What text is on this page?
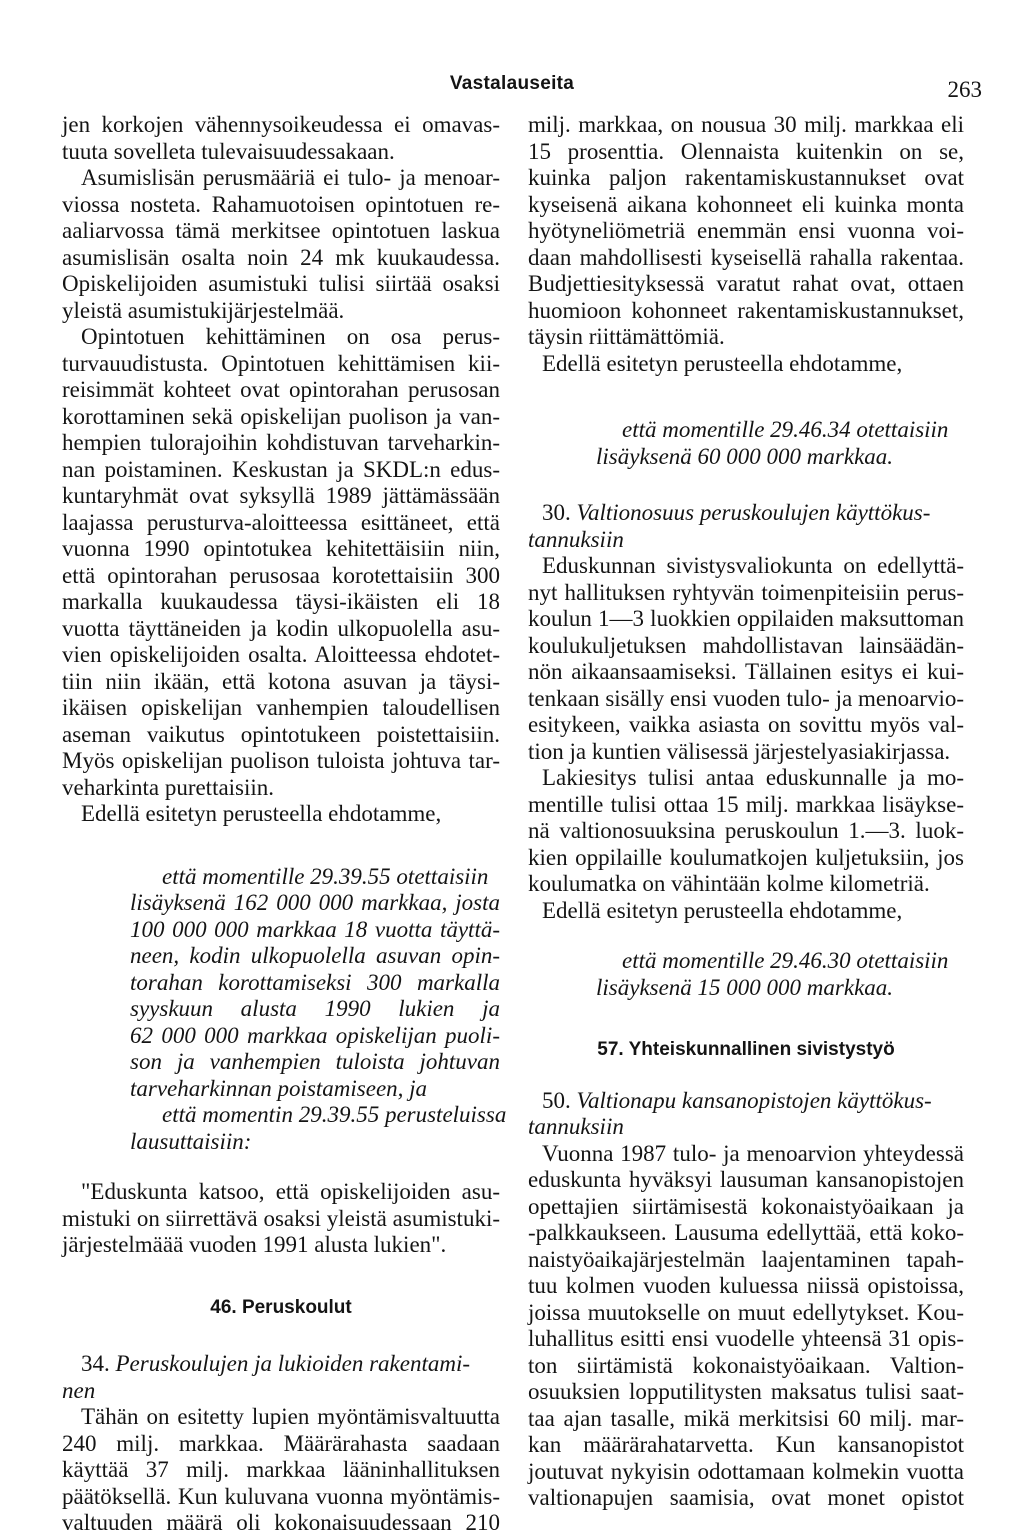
Vastalauseita	263
jen korkojen vähennysoikeudessa ei omavas-
tuuta sovelleta tulevaisuudessakaan.
Asumislisän perusmääriä ei tulo- ja menoar-
viossa nosteta. Rahamuotoisen opintotuen re-
aaliarvossa tämä merkitsee opintotuen laskua
asumislisän osalta noin 24 mk kuukaudessa.
Opiskelijoiden asumistuki tulisi siirtää osaksi
yleistä asumistukijärjestelmää.
Opintotuen kehittäminen on osa perus-
turvauudistusta. Opintotuen kehittämisen kii-
reisimmät kohteet ovat opintorahan perusosan
korottaminen sekä opiskelijan puolison ja van-
hempien tulorajoihin kohdistuvan tarveharkin-
nan poistaminen. Keskustan ja SKDL:n edus-
kuntaryhmät ovat syksyllä 1989 jättämässään
laajassa perusturva-aloitteessa esittäneet, että
vuonna 1990 opintotukea kehitettäisiin niin,
että opintorahan perusosaa korotettaisiin 300
markalla kuukaudessa täysi-ikäisten eli 18
vuotta täyttäneiden ja kodin ulkopuolella asu-
vien opiskelijoiden osalta. Aloitteessa ehdotet-
tiin niin ikään, että kotona asuvan ja täysi-
ikäisen opiskelijan vanhempien taloudellisen
aseman vaikutus opintotukeen poistettaisiin.
Myös opiskelijan puolison tuloista johtuva tar-
veharkinta purettaisiin.
Edellä esitetyn perusteella ehdotamme,
että momentille 29.39.55 otettaisiin
lisäyksenä 162 000 000 markkaa, josta
100 000 000 markkaa 18 vuotta täyttä-
neen, kodin ulkopuolella asuvan opin-
torahan korottamiseksi 300 markalla
syyskuun alusta 1990 lukien ja
62 000 000 markkaa opiskelijan puoli-
son ja vanhempien tuloista johtuvan
tarveharkinnan poistamiseen, ja
että momentin 29.39.55 perusteluissa
lausuttaisiin:
"Eduskunta katsoo, että opiskelijoiden asu-
mistuki on siirrettävä osaksi yleistä asumistuki-
järjestelmäää vuoden 1991 alusta lukien".
46. Peruskoulut
34. Peruskoulujen ja lukioiden rakentami-
nen
Tähän on esitetty lupien myöntämisvaltuutta
240 milj. markkaa. Määrärahasta saadaan
käyttää 37 milj. markkaa lääninhallituksen
päätöksellä. Kun kuluvana vuonna myöntämis-
valtuuden määrä oli kokonaisuudessaan 210
milj. markkaa, on nousua 30 milj. markkaa eli
15 prosenttia. Olennaista kuitenkin on se,
kuinka paljon rakentamiskustannukset ovat
kyseisenä aikana kohonneet eli kuinka monta
hyötyneliömetriä enemmän ensi vuonna voi-
daan mahdollisesti kyseisellä rahalla rakentaa.
Budjettiesityksessä varatut rahat ovat, ottaen
huomioon kohonneet rakentamiskustannukset,
täysin riittämättömiä.
Edellä esitetyn perusteella ehdotamme,
että momentille 29.46.34 otettaisiin
lisäyksenä 60 000 000 markkaa.
30. Valtionosuus peruskoulujen käyttökus-
tannuksiin
Eduskunnan sivistysvaliokunta on edellyttä-
nyt hallituksen ryhtyvän toimenpiteisiin perus-
koulun 1—3 luokkien oppilaiden maksuttoman
koulukuljetuksen mahdollistavan lainsäädän-
nön aikaansaamiseksi. Tällainen esitys ei kui-
tenkaan sisälly ensi vuoden tulo- ja menoarvio-
esitykeen, vaikka asiasta on sovittu myös val-
tion ja kuntien välisessä järjestelyasiakirjassa.
Lakiesitys tulisi antaa eduskunnalle ja mo-
mentille tulisi ottaa 15 milj. markkaa lisäykse-
nä valtionosuuksina peruskoulun 1.—3. luok-
kien oppilaille koulumatkojen kuljetuksiin, jos
koulumatka on vähintään kolme kilometriä.
Edellä esitetyn perusteella ehdotamme,
että momentille 29.46.30 otettaisiin
lisäyksenä 15 000 000 markkaa.
57. Yhteiskunnallinen sivistystyö
50. Valtionapu kansanopistojen käyttökus-
tannuksiin
Vuonna 1987 tulo- ja menoarvion yhteydessä
eduskunta hyväksyi lausuman kansanopistojen
opettajien siirtämisestä kokonaistyöaikaan ja
-palkkaukseen. Lausuma edellyttää, että koko-
naistyöaikajärjestelmän laajentaminen tapah-
tuu kolmen vuoden kuluessa niissä opistoissa,
joissa muutokselle on muut edellytykset. Kou-
luhallitus esitti ensi vuodelle yhteensä 31 opis-
ton siirtämistä kokonaistyöaikaan. Valtion-
osuuksien lopputilitysten maksatus tulisi saat-
taa ajan tasalle, mikä merkitsisi 60 milj. mar-
kan määrärahatarvetta. Kun kansanopistot
joutuvat nykyisin odottamaan kolmekin vuotta
valtionapujen saamisia, ovat monet opistot
